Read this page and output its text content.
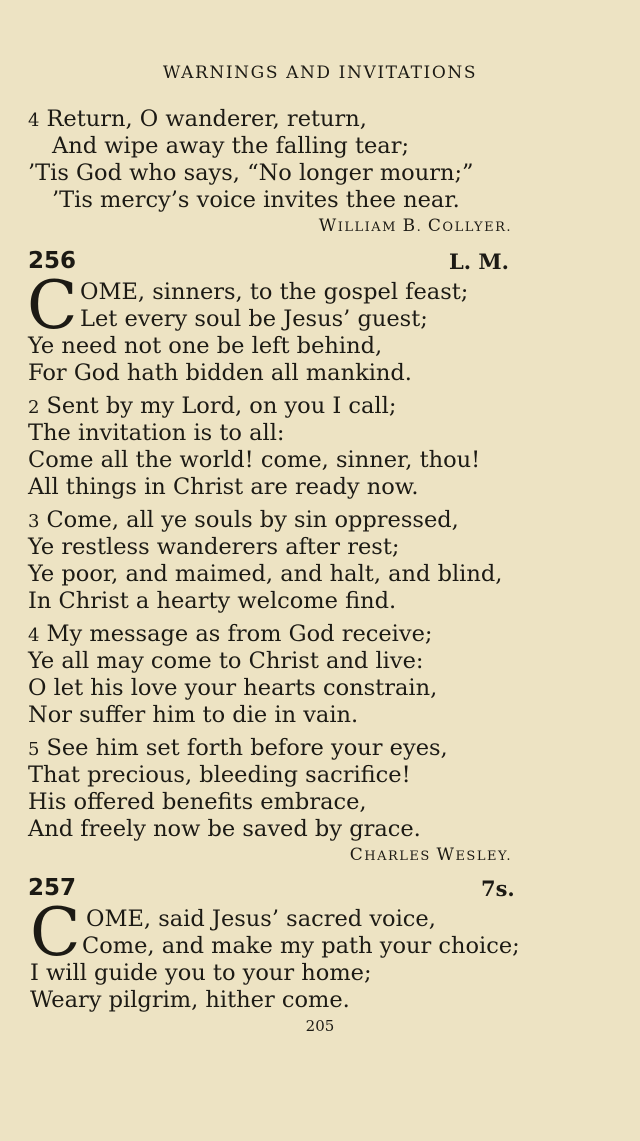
WARNINGS AND INVITATIONS
4 Return, O wanderer, return,
And wipe away the falling tear;
’Tis God who says, “No longer mourn;”
’Tis mercy’s voice invites thee near.
WILLIAM B. COLLYER.
256	L. M.
C OME, sinners, to the gospel feast;
Let every soul be Jesus’ guest;
Ye need not one be left behind,
For God hath bidden all mankind.
2 Sent by my Lord, on you I call;
The invitation is to all:
Come all the world! come, sinner, thou!
All things in Christ are ready now.
3 Come, all ye souls by sin oppressed,
Ye restless wanderers after rest;
Ye poor, and maimed, and halt, and blind,
In Christ a hearty welcome find.
4 My message as from God receive;
Ye all may come to Christ and live:
O let his love your hearts constrain,
Nor suffer him to die in vain.
5 See him set forth before your eyes,
That precious, bleeding sacrifice!
His offered benefits embrace,
And freely now be saved by grace.
CHARLES WESLEY.
257	7s.
C OME, said Jesus’ sacred voice,
Come, and make my path your choice;
I will guide you to your home;
Weary pilgrim, hither come.
205
